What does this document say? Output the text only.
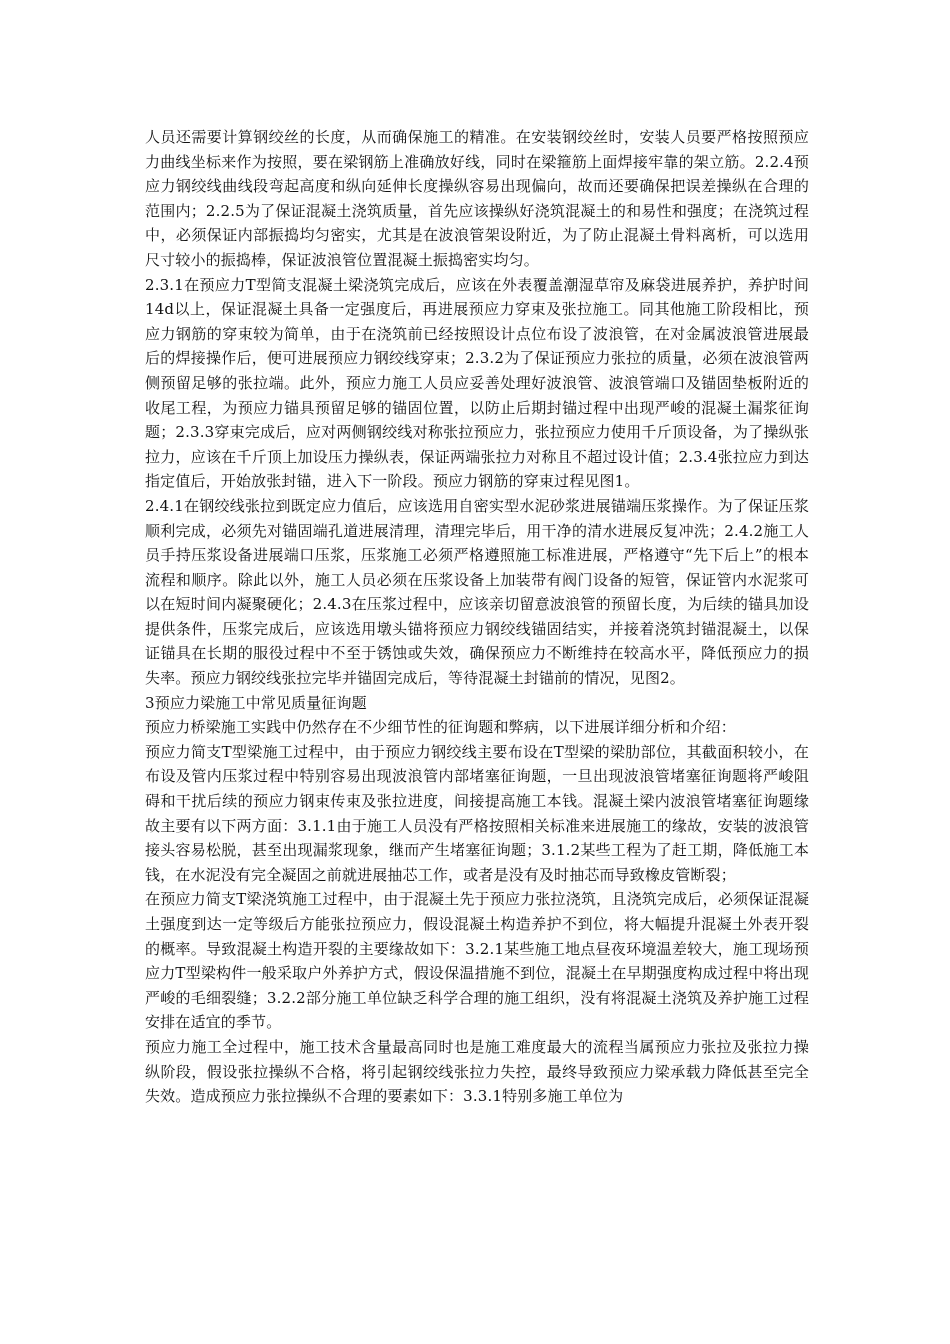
人员还需要计算钢绞丝的长度，从而确保施工的精准。在安装钢绞丝时，安装人员要严格按照预应力曲线坐标来作为按照，要在梁钢筋上准确放好线，同时在梁箍筋上面焊接牢靠的架立筋。2.2.4预应力钢绞线曲线段弯起高度和纵向延伸长度操纵容易出现偏向，故而还要确保把误差操纵在合理的范围内；2.2.5为了保证混凝土浇筑质量，首先应该操纵好浇筑混凝土的和易性和强度；在浇筑过程中，必须保证内部振捣均匀密实，尤其是在波浪管架设附近，为了防止混凝土骨料离析，可以选用尺寸较小的振捣棒，保证波浪管位置混凝土振捣密实均匀。

2.3.1在预应力T型简支混凝土梁浇筑完成后，应该在外表覆盖潮湿草帘及麻袋进展养护，养护时间14d以上，保证混凝土具备一定强度后，再进展预应力穿束及张拉施工。同其他施工阶段相比，预应力钢筋的穿束较为简单，由于在浇筑前已经按照设计点位布设了波浪管，在对金属波浪管进展最后的焊接操作后，便可进展预应力钢绞线穿束；2.3.2为了保证预应力张拉的质量，必须在波浪管两侧预留足够的张拉端。此外，预应力施工人员应妥善处理好波浪管、波浪管端口及锚固垫板附近的收尾工程，为预应力锚具预留足够的锚固位置，以防止后期封锚过程中出现严峻的混凝土漏浆征询题；2.3.3穿束完成后，应对两侧钢绞线对称张拉预应力，张拉预应力使用千斤顶设备，为了操纵张拉力，应该在千斤顶上加设压力操纵表，保证两端张拉力对称且不超过设计值；2.3.4张拉应力到达指定值后，开始放张封锚，进入下一阶段。预应力钢筋的穿束过程见图1。

2.4.1在钢绞线张拉到既定应力值后，应该选用自密实型水泥砂浆进展锚端压浆操作。为了保证压浆顺利完成，必须先对锚固端孔道进展清理，清理完毕后，用干净的清水进展反复冲洗；2.4.2施工人员手持压浆设备进展端口压浆，压浆施工必须严格遵照施工标准进展，严格遵守“先下后上”的根本流程和顺序。除此以外，施工人员必须在压浆设备上加装带有阀门设备的短管，保证管内水泥浆可以在短时间内凝聚硬化；2.4.3在压浆过程中，应该亲切留意波浪管的预留长度，为后续的锚具加设提供条件，压浆完成后，应该选用墩头锚将预应力钢绞线锚固结实，并接着浇筑封锚混凝土，以保证锚具在长期的服役过程中不至于锈蚀或失效，确保预应力不断维持在较高水平，降低预应力的损失率。预应力钢绞线张拉完毕并锚固完成后，等待混凝土封锚前的情况，见图2。

3预应力梁施工中常见质量征询题

预应力桥梁施工实践中仍然存在不少细节性的征询题和弊病，以下进展详细分析和介绍：

预应力简支T型梁施工过程中，由于预应力钢绞线主要布设在T型梁的梁肋部位，其截面积较小，在布设及管内压浆过程中特别容易出现波浪管内部堵塞征询题，一旦出现波浪管堵塞征询题将严峻阻碍和干扰后续的预应力钢束传束及张拉进度，间接提高施工本钱。混凝土梁内波浪管堵塞征询题缘故主要有以下两方面：3.1.1由于施工人员没有严格按照相关标准来进展施工的缘故，安装的波浪管接头容易松脱，甚至出现漏浆现象，继而产生堵塞征询题；3.1.2某些工程为了赶工期，降低施工本钱，在水泥没有完全凝固之前就进展抽芯工作，或者是没有及时抽芯而导致橡皮管断裂；

在预应力简支T梁浇筑施工过程中，由于混凝土先于预应力张拉浇筑，且浇筑完成后，必须保证混凝土强度到达一定等级后方能张拉预应力，假设混凝土构造养护不到位，将大幅提升混凝土外表开裂的概率。导致混凝土构造开裂的主要缘故如下：3.2.1某些施工地点昼夜环境温差较大，施工现场预应力T型梁构件一般采取户外养护方式，假设保温措施不到位，混凝土在早期强度构成过程中将出现严峻的毛细裂缝；3.2.2部分施工单位缺乏科学合理的施工组织，没有将混凝土浇筑及养护施工过程安排在适宜的季节。

预应力施工全过程中，施工技术含量最高同时也是施工难度最大的流程当属预应力张拉及张拉力操纵阶段，假设张拉操纵不合格，将引起钢绞线张拉力失控，最终导致预应力梁承载力降低甚至完全失效。造成预应力张拉操纵不合理的要素如下：3.3.1特别多施工单位为
